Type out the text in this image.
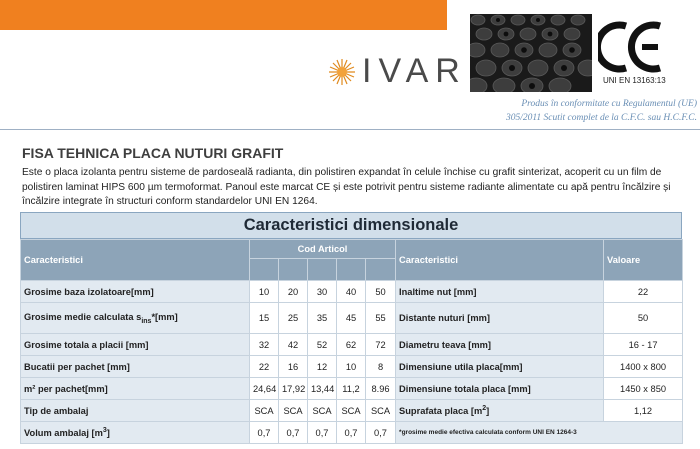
IVAR	UNI EN 13163:13
Produs în conformitate cu Regulamentul (UE)
305/2011 Scutit complet de la C.F.C. sau H.C.F.C.
FISA TEHNICA PLACA NUTURI GRAFIT
Este o placa izolanta pentru sisteme de pardoseală radianta, din polistiren expandat în celule închise cu grafit sinterizat, acoperit cu un film de polistiren laminat HIPS 600 µm termoformat. Panoul este marcat CE și este potrivit pentru sisteme radiante alimentate cu apă pentru încălzire și încălzire integrate în structuri conform standardelor UNI EN 1264.
Caracteristici dimensionale
Caracteristici	Cod Articol					Caracteristici	Valoare

Grosime baza izolatoare[mm]	10	20	30	40	50	Inaltime nut [mm]	22
Grosime medie calculata $s_{ins}*[mm]$	15	25	35	45	55	Distante nuturi [mm]	50
Grosime totala a placii [mm]	32	42	52	62	72	Diametru teava [mm]	16 - 17
Bucatii per pachet [mm]	22	16	12	10	8	Dimensiune utila placa[mm]	1400 x 800
m² per pachet[mm]	24,64	17,92	13,44	11,2	8.96	Dimensiune totala placa [mm]	1450 x 850
Tip de ambalaj	SCA	SCA	SCA	SCA	SCA	Suprafata placa $[m^2]$	1,12
Volum ambalaj $[m^3]$	0,7	0,7	0,7	0,7	0,7	*grosime medie efectiva calculata conform UNI EN 1264-3	
